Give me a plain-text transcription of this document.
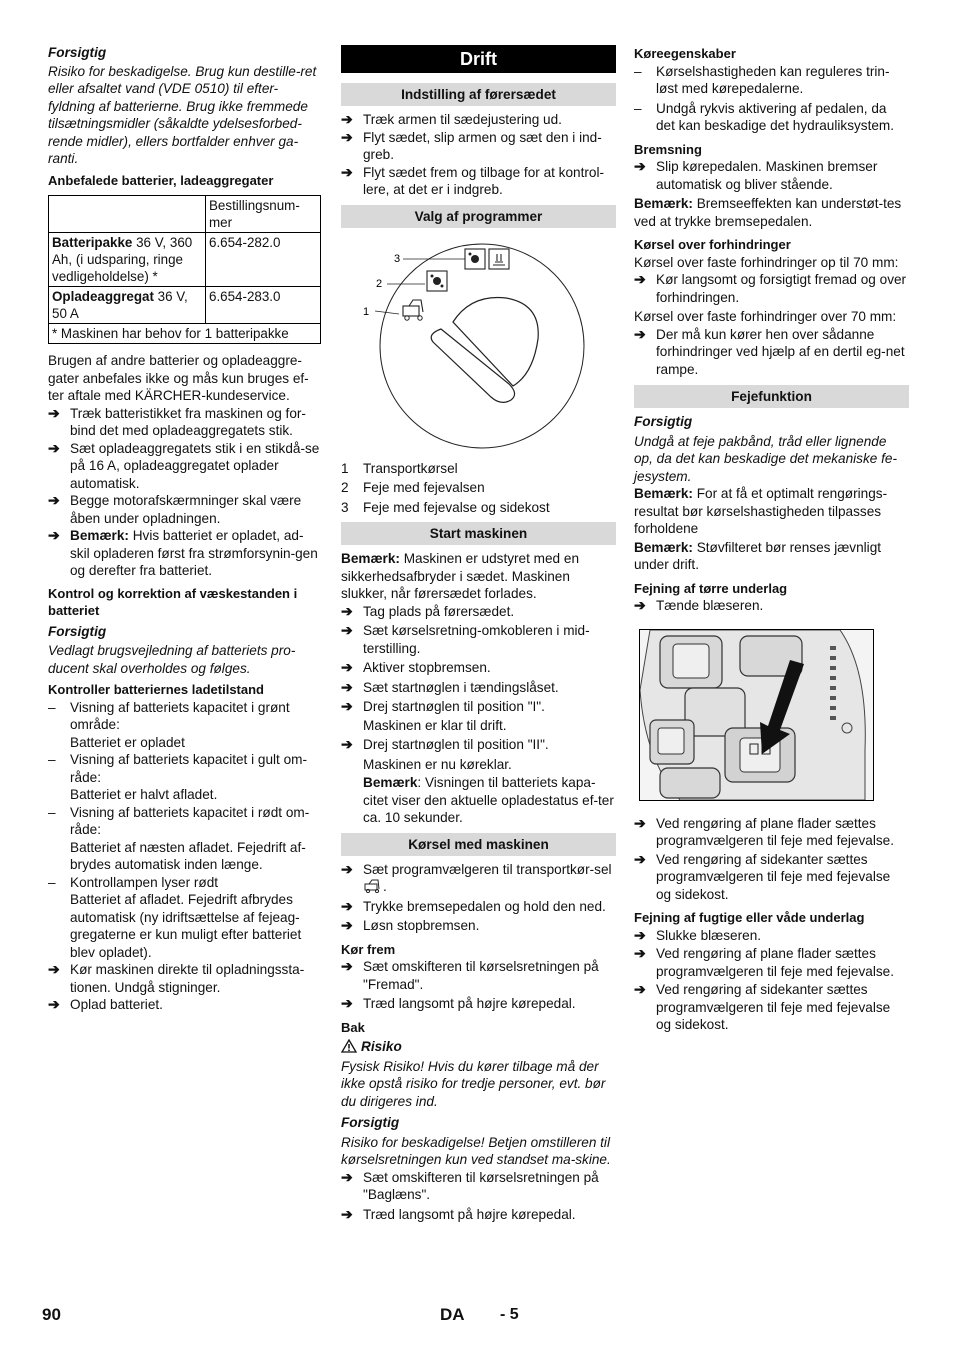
Forsigtig

Risiko for beskadigelse. Brug kun destille-ret eller afsaltet vand (VDE 0510) til efter-fyldning af batterierne. Brug ikke fremmede tilsætningsmidler (såkaldte ydelsesforbed-rende midler), ellers bortfalder enhver ga-ranti.

Anbefalede batterier, ladeaggregater

	Bestillingsnum-mer
Batteripakke 36 V, 360 Ah, (i udsparing, ringe vedligeholdelse) *	6.654-282.0
Opladeaggregat 36 V, 50 A	6.654-283.0
* Maskinen har behov for 1 batteripakke	

Brugen af andre batterier og opladeaggre-gater anbefales ikke og mås kun bruges ef-ter aftale med KÄRCHER-kundeservice.

➔ Træk batteristikket fra maskinen og for-bind det med opladeaggregatets stik.
➔ Sæt opladeaggregatets stik i en stikdå-se på 16 A, opladeaggregatet oplader automatisk.
➔ Begge motorafskærmninger skal være åben under opladningen.
➔ Bemærk: Hvis batteriet er opladet, ad-skil opladeren først fra strømforsynin-gen og derefter fra batteriet.

Kontrol og korrektion af væskestanden i batteriet

Forsigtig

Vedlagt brugsvejledning af batteriets pro-ducent skal overholdes og følges.

Kontroller batteriernes ladetilstand

–	Visning af batteriets kapacitet i grønt område:

Batteriet er opladet

–	Visning af batteriets kapacitet i gult om-råde:

Batteriet er halvt afladet.

–	Visning af batteriets kapacitet i rødt om-råde:

Batteriet af næsten afladet. Fejedrift af-brydes automatisk inden længe.

–	Kontrollampen lyser rødt

Batteriet af afladet. Fejedrift afbrydes automatisk (ny idriftsættelse af fejeag-gregaterne er kun muligt efter batteriet blev opladet).

➔ Kør maskinen direkte til opladningssta-tionen. Undgå stigninger.
➔ Oplad batteriet.
Drift
Indstilling af førersædet
➔ Træk armen til sædejustering ud.
➔ Flyt sædet, slip armen og sæt den i ind-greb.
➔ Flyt sædet frem og tilbage for at kontrol-lere, at det er i indgreb.
Valg af programmer
1
2
3
1	Transportkørsel
2	Feje med fejevalsen
3	Feje med fejevalse og sidekost
Start maskinen

Bemærk: Maskinen er udstyret med en sikkerhedsafbryder i sædet. Maskinen slukker, når førersædet forlades.

➔ Tag plads på førersædet.
➔ Sæt kørselsretning-omkobleren i mid-terstilling.
➔ Aktiver stopbremsen.
➔ Sæt startnøglen i tændingslåset.
➔ Drej startnøglen til position "I".

Maskinen er klar til drift.

➔ Drej startnøglen til position "II".

Maskinen er nu køreklar.

Bemærk: Visningen til batteriets kapa-citet viser den aktuelle opladestatus ef-ter ca. 10 sekunder.

Kørsel med maskinen
➔ Sæt programvælgeren til transportkør-sel .
➔ Trykke bremsepedalen og hold den ned.
➔ Løsn stopbremsen.

Kør frem

➔ Sæt omskifteren til kørselsretningen på "Fremad".
➔ Træd langsomt på højre kørepedal.

Bak

Risiko

Fysisk Risiko! Hvis du kører tilbage må der ikke opstå risiko for tredje personer, evt. bør du dirigeres ind.

Forsigtig

Risiko for beskadigelse! Betjen omstilleren til kørselsretningen kun ved standset ma-skine.

➔ Sæt omskifteren til kørselsretningen på "Baglæns".
➔ Træd langsomt på højre kørepedal.

Køreegenskaber

–	Kørselshastigheden kan reguleres trin-løst med kørepedalerne.
–	Undgå rykvis aktivering af pedalen, da det kan beskadige det hydrauliksystem.

Bremsning

➔ Slip kørepedalen. Maskinen bremser automatisk og bliver stående.

Bemærk: Bremseeffekten kan understøt-tes ved at trykke bremsepedalen.

Kørsel over forhindringer

Kørsel over faste forhindringer op til 70 mm:

➔ Kør langsomt og forsigtigt fremad og over forhindringen.

Kørsel over faste forhindringer over 70 mm:

➔ Der må kun kører hen over sådanne forhindringer ved hjælp af en dertil eg-net rampe.
Fejefunktion

Forsigtig

Undgå at feje pakbånd, tråd eller lignende op, da det kan beskadige det mekaniske fe-jesystem.

Bemærk: For at få et optimalt rengørings-resultat bør kørselshastigheden tilpasses forholdene

Bemærk: Støvfilteret bør renses jævnligt under drift.

Fejning af tørre underlag

➔ Tænde blæseren.
➔ Ved rengøring af plane flader sættes programvælgeren til feje med fejevalse.
➔ Ved rengøring af sidekanter sættes programvælgeren til feje med fejevalse og sidekost.

Fejning af fugtige eller våde underlag

➔ Slukke blæseren.
➔ Ved rengøring af plane flader sættes programvælgeren til feje med fejevalse.
➔ Ved rengøring af sidekanter sættes programvælgeren til feje med fejevalse og sidekost.
90	DA - 5
